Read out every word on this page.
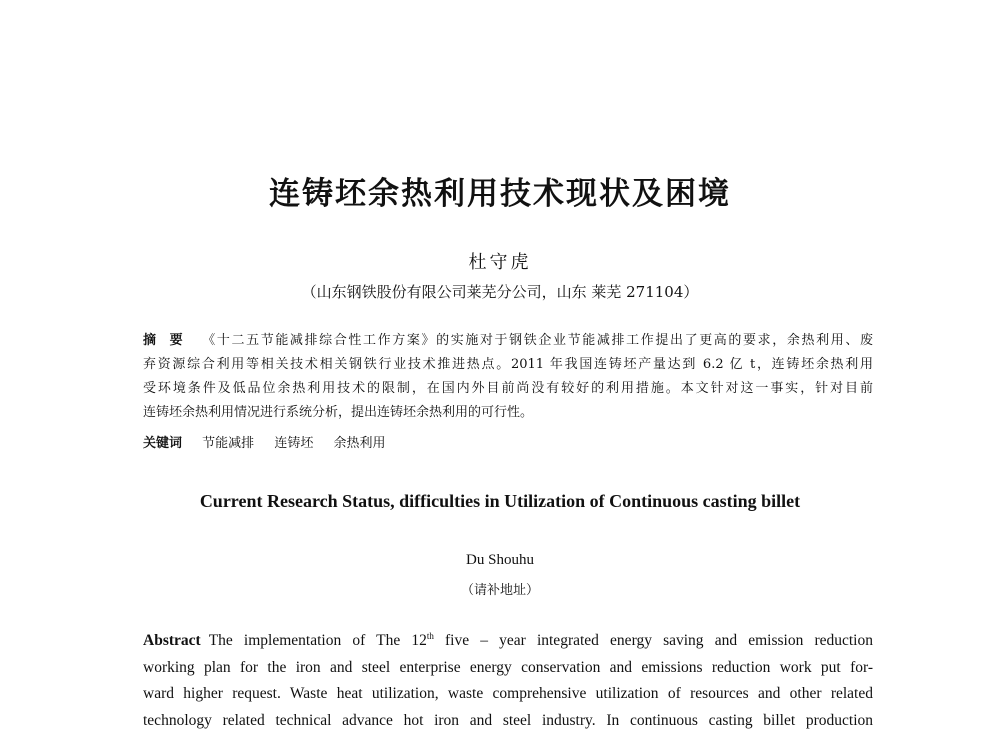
连铸坯余热利用技术现状及困境
杜守虎
（山东钢铁股份有限公司莱芜分公司，山东 莱芜 271104）
摘要 《十二五节能减排综合性工作方案》的实施对于钢铁企业节能减排工作提出了更高的要求，余热利用、废
弃资源综合利用等相关技术相关钢铁行业技术推进热点。2011 年我国连铸坯产量达到 6.2 亿 t，连铸坯余热利用
受环境条件及低品位余热利用技术的限制，在国内外目前尚没有较好的利用措施。本文针对这一事实，针对目前
连铸坯余热利用情况进行系统分析，提出连铸坯余热利用的可行性。
关键词 节能减排 连铸坯 余热利用
Current Research Status, difficulties in Utilization of Continuous casting billet
Du Shouhu
（请补地址）
Abstract The implementation of The 12th five – year integrated energy saving and emission reduction
working plan for the iron and steel enterprise energy conservation and emissions reduction work put for-
ward higher request. Waste heat utilization, waste comprehensive utilization of resources and other related
technology related technical advance hot iron and steel industry. In continuous casting billet production
